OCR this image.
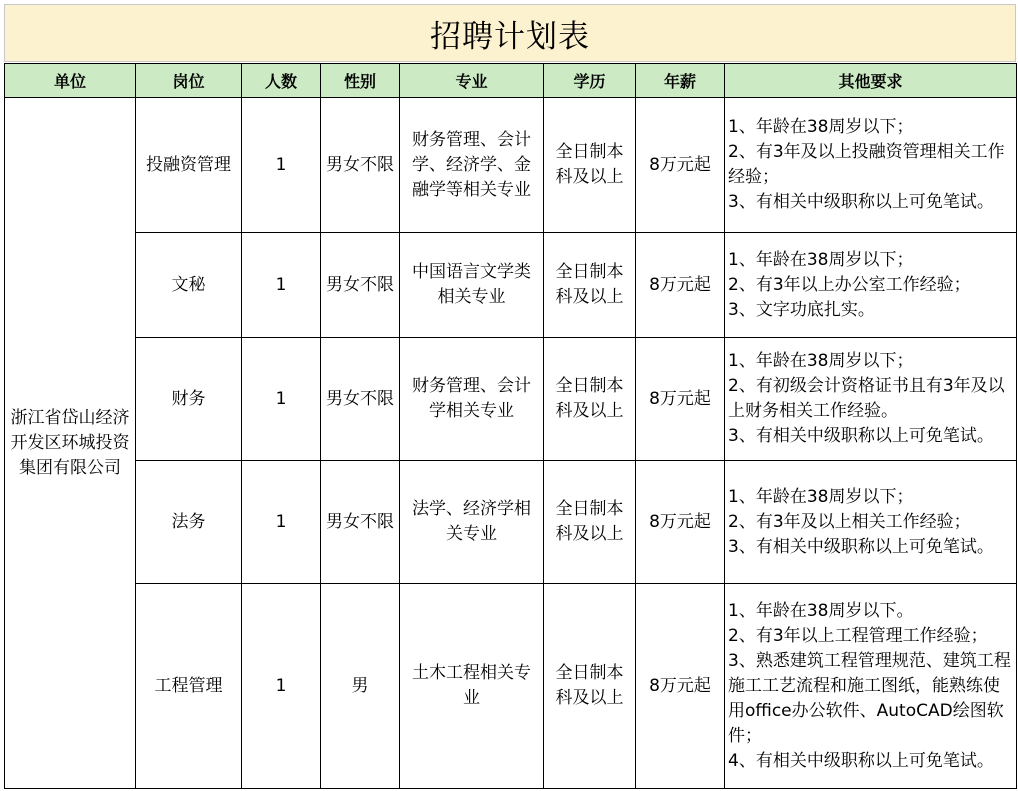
招聘计划表
单位	岗位	人数	性别	专业	学历	年薪	其他要求
浙江省岱山经济开发区环城投资集团有限公司	投融资管理	1	男女不限	财务管理、会计学、经济学、金融学等相关专业	全日制本科及以上	8万元起	1、年龄在38周岁以下；
2、有3年及以上投融资管理相关工作经验；
3、有相关中级职称以上可免笔试。

	文秘	1	男女不限	中国语言文学类相关专业	全日制本科及以上	8万元起	1、年龄在38周岁以下；
2、有3年以上办公室工作经验；
3、文字功底扎实。

	财务	1	男女不限	财务管理、会计学相关专业	全日制本科及以上	8万元起	1、年龄在38周岁以下；
2、有初级会计资格证书且有3年及以上财务相关工作经验。
3、有相关中级职称以上可免笔试。

	法务	1	男女不限	法学、经济学相关专业	全日制本科及以上	8万元起	1、年龄在38周岁以下；
2、有3年及以上相关工作经验；
3、有相关中级职称以上可免笔试。

	工程管理	1	男	土木工程相关专业	全日制本科及以上	8万元起	1、年龄在38周岁以下。
2、有3年以上工程管理工作经验；
3、熟悉建筑工程管理规范、建筑工程施工工艺流程和施工图纸，能熟练使用office办公软件、AutoCAD绘图软件；
4、有相关中级职称以上可免笔试。
